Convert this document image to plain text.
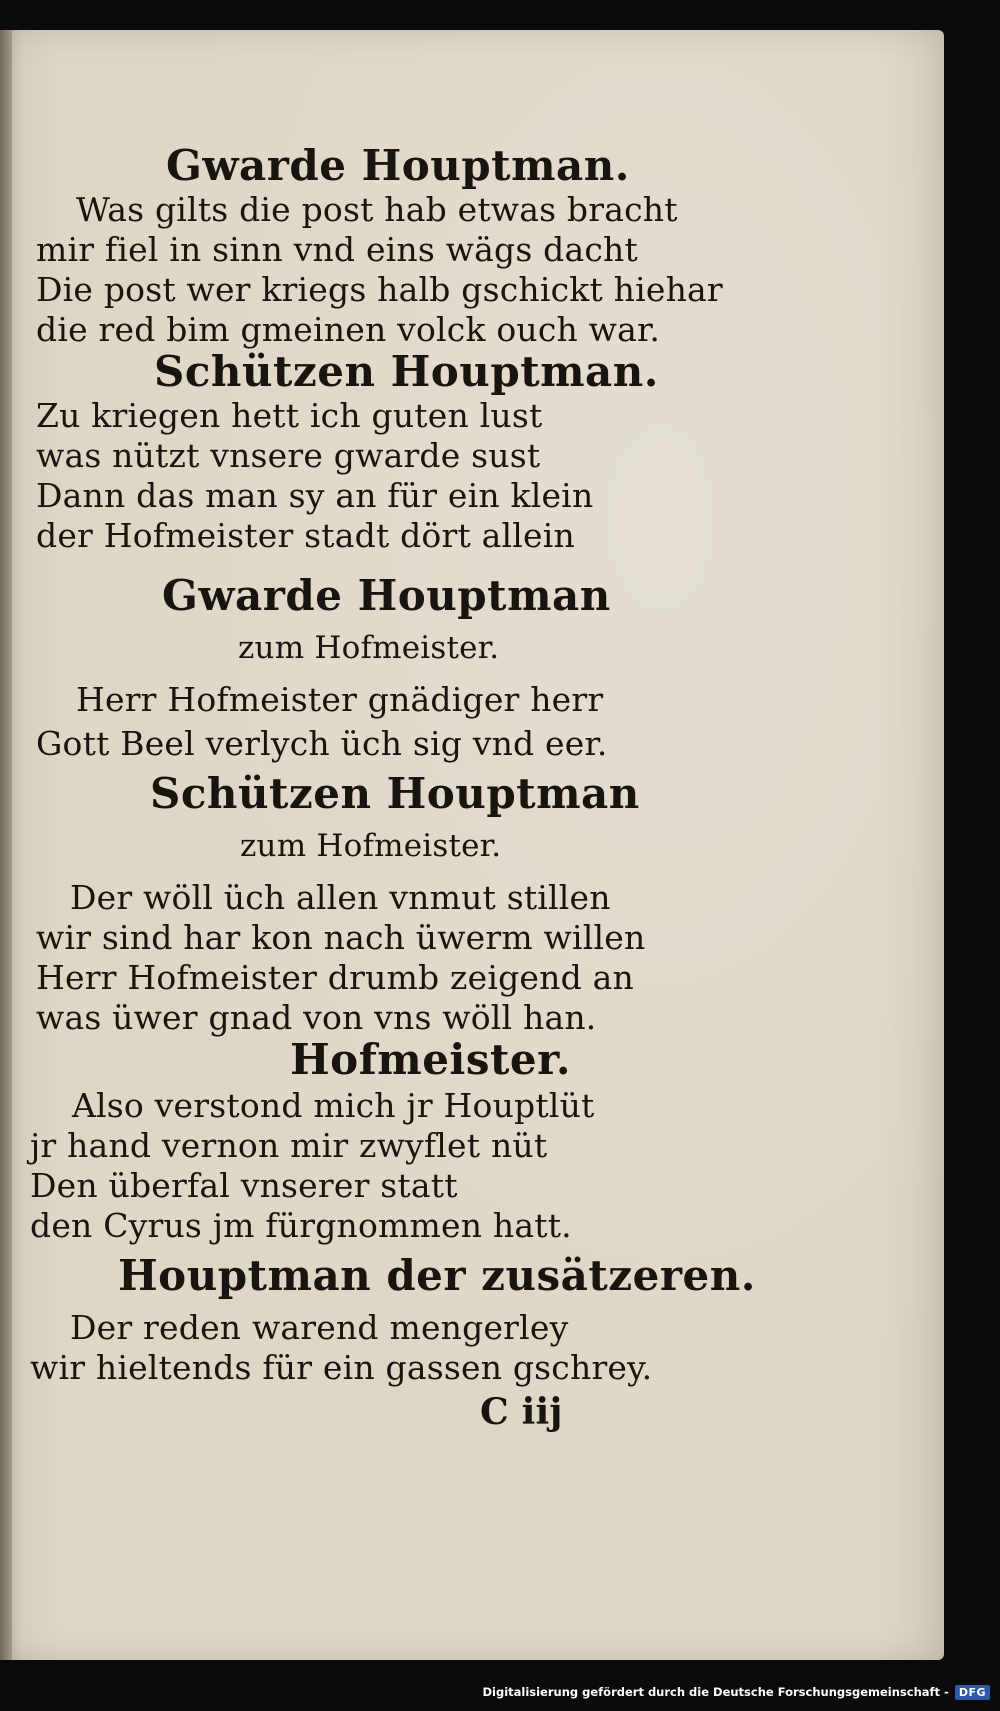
Gwarde Houptman.
Was gilts die post hab etwas bracht
mir fiel in sinn vnd eins wägs dacht
Die post wer kriegs halb gschickt hiehar
die red bim gmeinen volck ouch war.
Schützen Houptman.
Zu kriegen hett ich guten lust
was nützt vnsere gwarde sust
Dann das man sy an für ein klein
der Hofmeister stadt dört allein
Gwarde Houptman
zum Hofmeister.
Herr Hofmeister gnädiger herr
Gott Beel verlych üch sig vnd eer.
Schützen Houptman
zum Hofmeister.
Der wöll üch allen vnmut stillen
wir sind har kon nach üwerm willen
Herr Hofmeister drumb zeigend an
was üwer gnad von vns wöll han.
Hofmeister.
Also verstond mich jr Houptlüt
jr hand vernon mir zwyflet nüt
Den überfal vnserer statt
den Cyrus jm fürgnommen hatt.
Houptman der zusätzeren.
Der reden warend mengerley
wir hieltends für ein gassen gschrey.
C iij
Digitalisierung gefördert durch die Deutsche Forschungsgemeinschaft - DFG
